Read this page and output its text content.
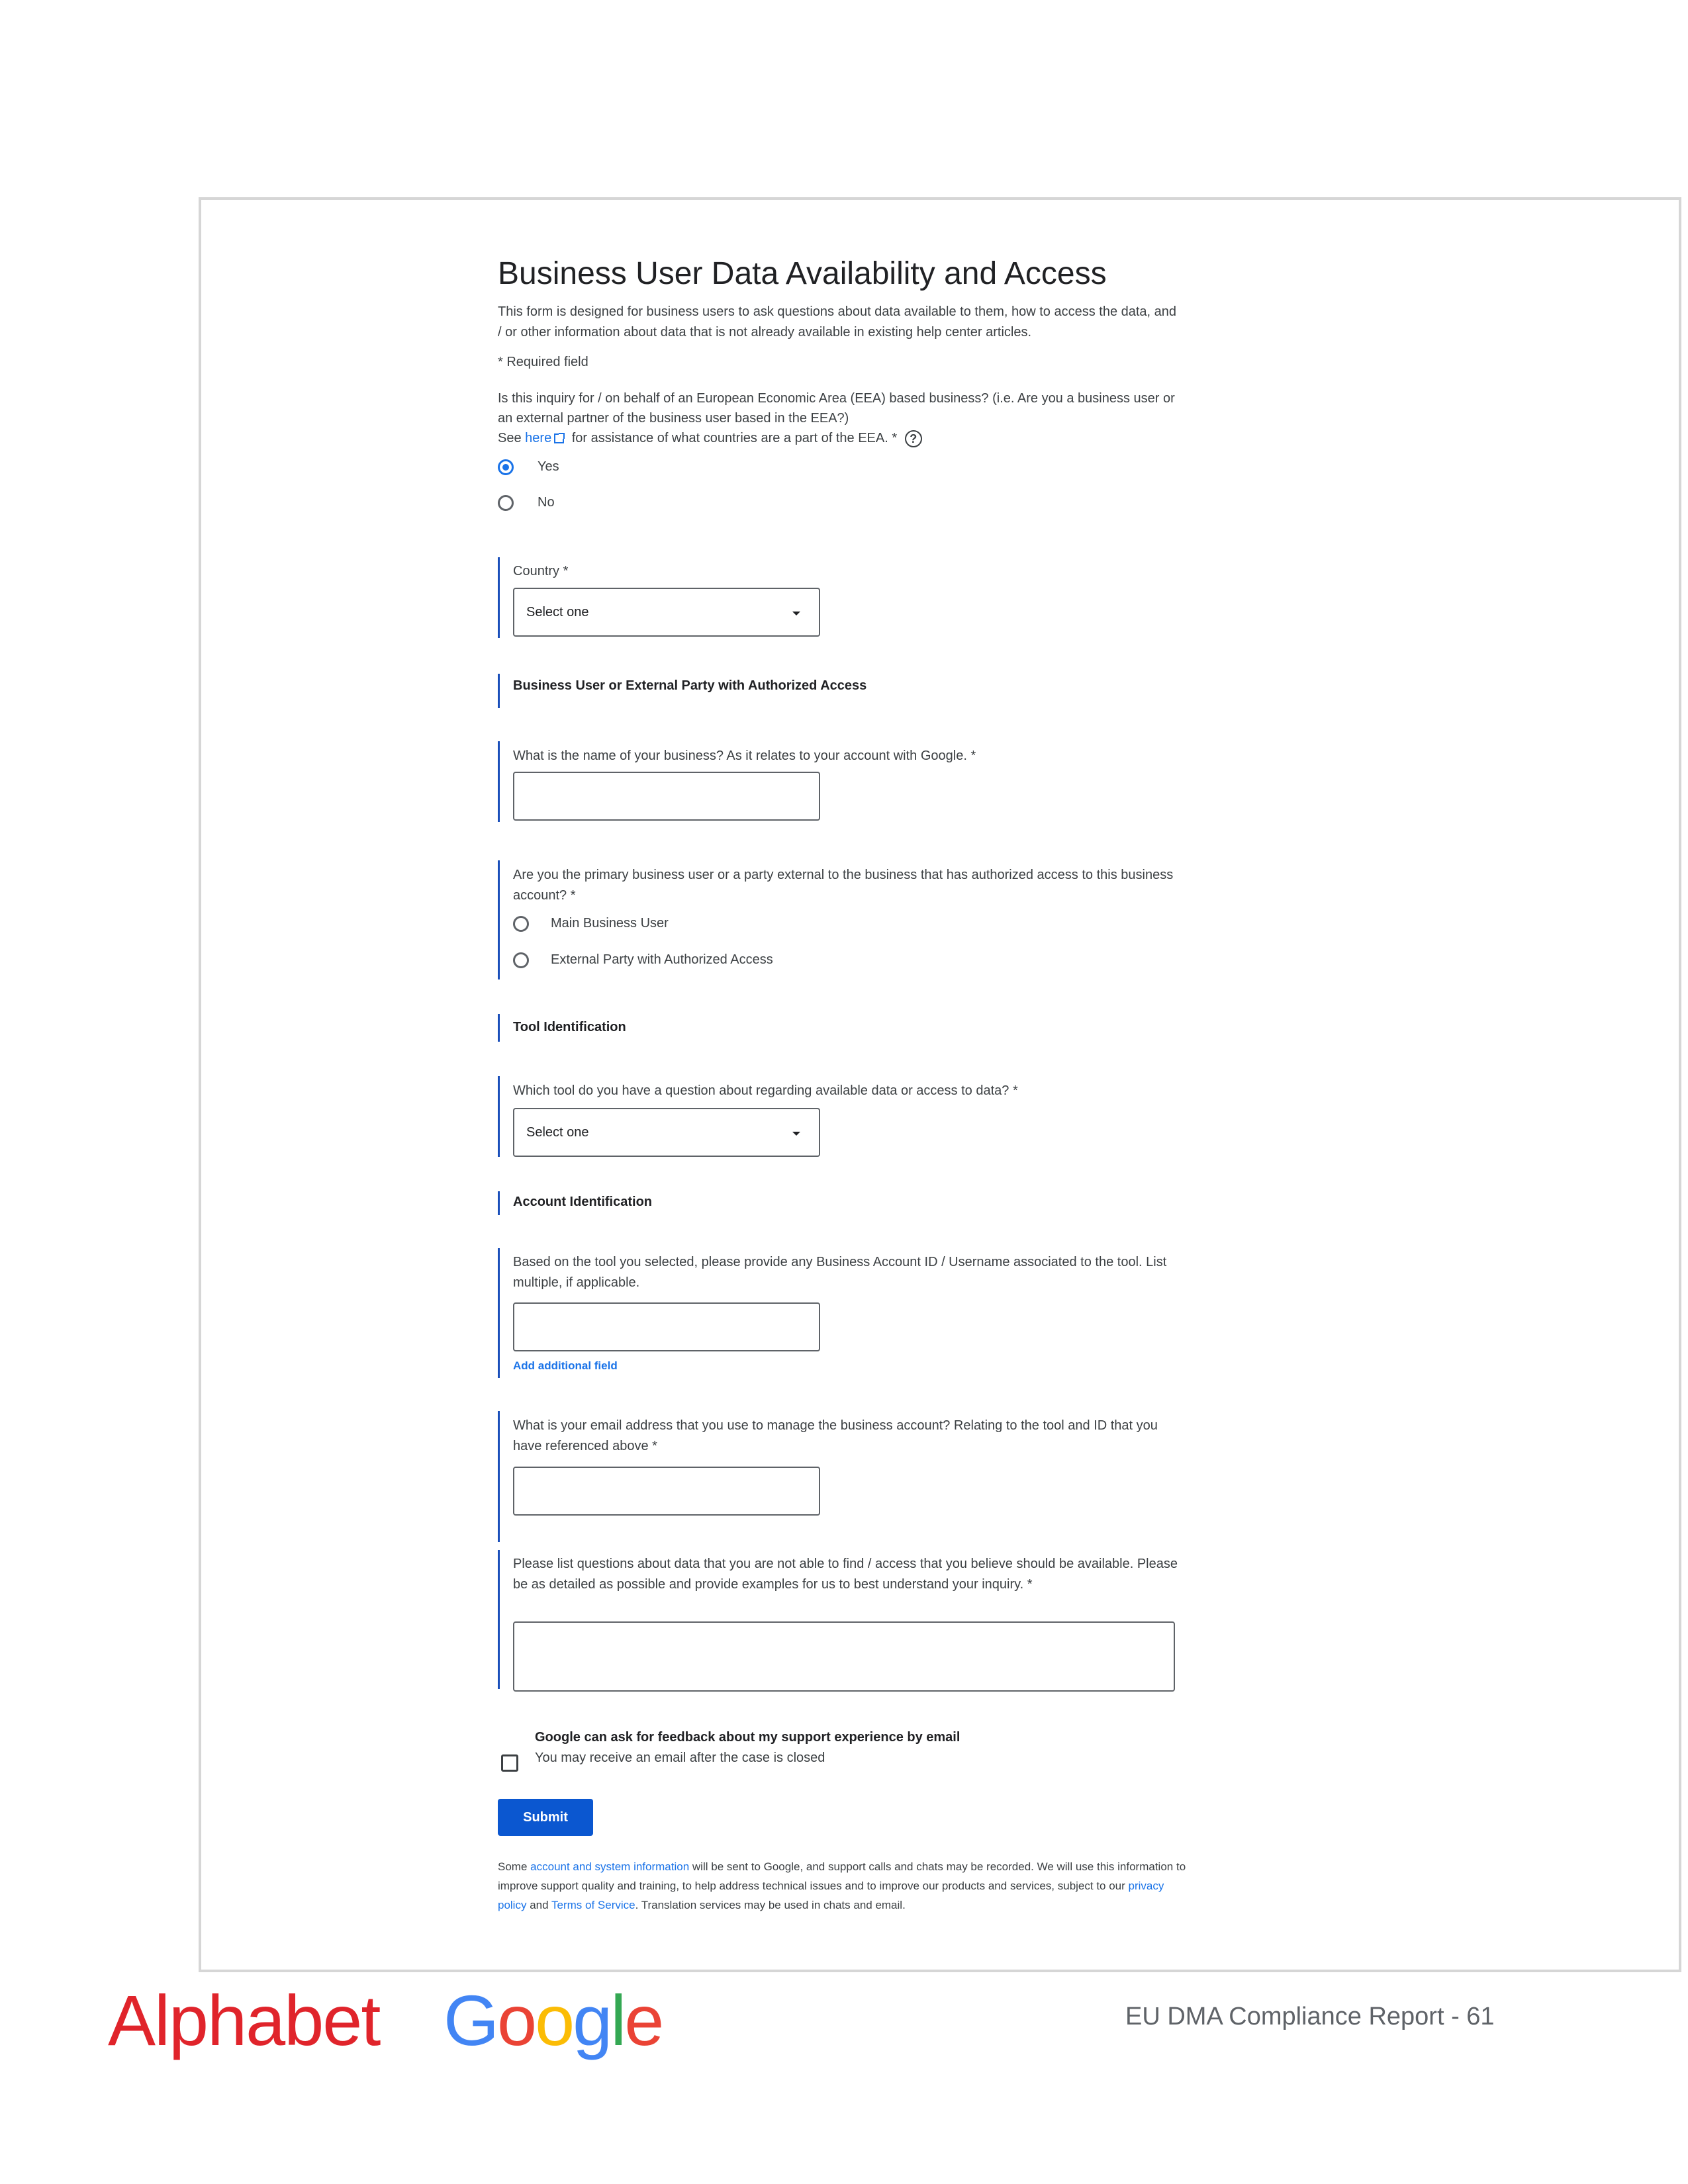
Business User Data Availability and Access
This form is designed for business users to ask questions about data available to them, how to access the data, and / or other information about data that is not already available in existing help center articles.
* Required field
Is this inquiry for / on behalf of an European Economic Area (EEA) based business? (i.e. Are you a business user or an external partner of the business user based in the EEA?)
See here for assistance of what countries are a part of the EEA. * ?
Yes
No
Country *
Select one
Business User or External Party with Authorized Access
What is the name of your business? As it relates to your account with Google. *
Are you the primary business user or a party external to the business that has authorized access to this business account? *
Main Business User
External Party with Authorized Access
Tool Identification
Which tool do you have a question about regarding available data or access to data? *
Select one
Account Identification
Based on the tool you selected, please provide any Business Account ID / Username associated to the tool. List multiple, if applicable.
Add additional field
What is your email address that you use to manage the business account? Relating to the tool and ID that you have referenced above *
Please list questions about data that you are not able to find / access that you believe should be available. Please be as detailed as possible and provide examples for us to best understand your inquiry. *
Google can ask for feedback about my support experience by email
You may receive an email after the case is closed
Submit
Some account and system information will be sent to Google, and support calls and chats may be recorded. We will use this information to improve support quality and training, to help address technical issues and to improve our products and services, subject to our privacy policy and Terms of Service. Translation services may be used in chats and email.
Alphabet Google	EU DMA Compliance Report - 61
